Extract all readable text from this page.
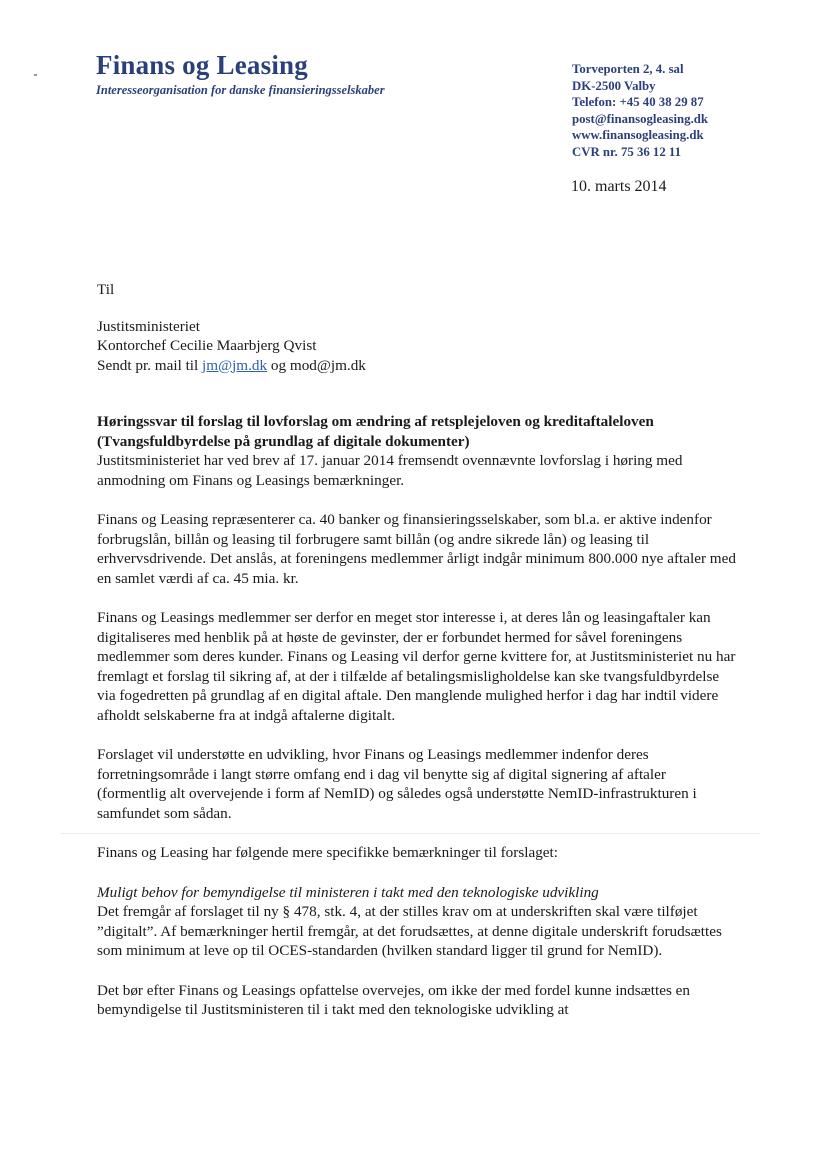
Finans og Leasing
Interesseorganisation for danske finansieringsselskaber
Torveporten 2, 4. sal
DK-2500 Valby
Telefon: +45 40 38 29 87
post@finansogleasing.dk
www.finansogleasing.dk
CVR nr. 75 36 12 11
10. marts 2014

Til

Justitsministeriet

Kontorchef Cecilie Maarbjerg Qvist

Sendt pr. mail til jm@jm.dk og mod@jm.dk

Høringssvar til forslag til lovforslag om ændring af retsplejeloven og kreditaftaleloven

(Tvangsfuldbyrdelse på grundlag af digitale dokumenter)

Justitsministeriet har ved brev af 17. januar 2014 fremsendt ovennævnte lovforslag i høring med anmodning om Finans og Leasings bemærkninger.

Finans og Leasing repræsenterer ca. 40 banker og finansieringsselskaber, som bl.a. er aktive indenfor forbrugslån, billån og leasing til forbrugere samt billån (og andre sikrede lån) og leasing til erhvervsdrivende. Det anslås, at foreningens medlemmer årligt indgår minimum 800.000 nye aftaler med en samlet værdi af ca. 45 mia. kr.

Finans og Leasings medlemmer ser derfor en meget stor interesse i, at deres lån og leasingaftaler kan digitaliseres med henblik på at høste de gevinster, der er forbundet hermed for såvel foreningens medlemmer som deres kunder. Finans og Leasing vil derfor gerne kvittere for, at Justitsministeriet nu har fremlagt et forslag til sikring af, at der i tilfælde af betalingsmisligholdelse kan ske tvangsfuldbyrdelse via fogedretten på grundlag af en digital aftale. Den manglende mulighed herfor i dag har indtil videre afholdt selskaberne fra at indgå aftalerne digitalt.

Forslaget vil understøtte en udvikling, hvor Finans og Leasings medlemmer indenfor deres forretningsområde i langt større omfang end i dag vil benytte sig af digital signering af aftaler (formentlig alt overvejende i form af NemID) og således også understøtte NemID-infrastrukturen i samfundet som sådan.

Finans og Leasing har følgende mere specifikke bemærkninger til forslaget:

Muligt behov for bemyndigelse til ministeren i takt med den teknologiske udvikling

Det fremgår af forslaget til ny § 478, stk. 4, at der stilles krav om at underskriften skal være tilføjet ”digitalt”. Af bemærkninger hertil fremgår, at det forudsættes, at denne digitale underskrift forudsættes som minimum at leve op til OCES-standarden (hvilken standard ligger til grund for NemID).

Det bør efter Finans og Leasings opfattelse overvejes, om ikke der med fordel kunne indsættes en bemyndigelse til Justitsministeren til i takt med den teknologiske udvikling at
